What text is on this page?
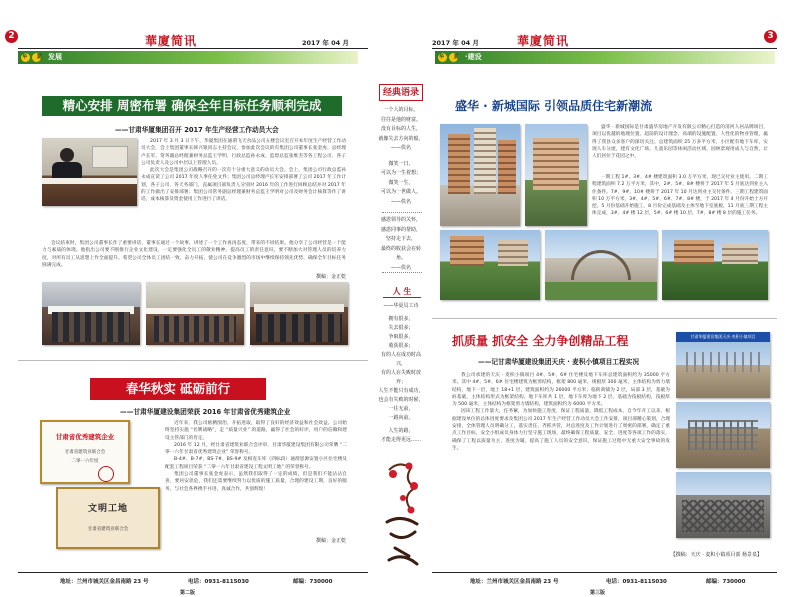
2	華廈简讯	2017 年 04 月
华 夏 发展
精心安排 周密布署 确保全年目标任务顺利完成
——甘肃华厦集团召开 2017 年生产经营工作动员大会

2017 年 3 月 3 日下午，华厦集团在通渭飞天食品公司五楼会议室召开本年度生产经营工作动员大会，会上集团董事长韩兴银同志主持会议，参加此次会议的有集团公司董事长张金虎、总经理卢长军、常务副总经理兼财务总监王学明、行政总监孙永成、监督总监张维杰等各工程公司、各子公司负责人及公司中层以上管理人员。

此次大会是集团公司战略召开的一次有十分重大意义的动员大会。会上，集团公司行政总监孙永成宣读了公司 2017 年度人事任免文件；集团公司总经理卢长军安排部署了公司 2017 年工作计划，各子公司、各天务部门，直属项目部负责人分别对 2016 年的工作进行回顾总结并对 2017 年的工作做出了安排部署；集团公司常务副总经理兼财务总监王学明对公司及财务会计核算等作了讲话，成本核算及资金使用工作进行了讲话。

会议结束时，集团公司董事长作了重要讲话，董事长通过一个故事，讲述了一个工作再再态度，带来的不同结果。他分享了公司经营是一个能力与素质的体现。他指出公司要不断推行企业文化建设，一定要强化全员工的敬业精神，提高员工的责任意识，要不断加大对管理人员的培养力度，对所有员工从思想上作全面提升。希望公司全体员工团结一致，奋力开拓，使公司在竞争激烈的市场中继续保持领先优势，确保全年目标任务圆满完成。

撰稿：金正乾
春华秋实 砥砺前行
——甘肃华厦建设集团荣获 2016 年甘肃省优秀建筑企业
甘肃省优秀建筑企业
甘肃省建筑业联合会
二零一六年度
文明工地
甘肃省建筑业联合会

近年来，我公司励精图治，开拓进取，取得了良好的经济效益和社会效益。公司始终坚持实施 “名牌战略”，走 “质量兴业” 的道路，赢得了社会的好评，用户的信赖和建设主管部门的肯定。

2016 年 12 月，经甘肃省建筑业联合会评审，甘肃华厦建设集团有限公司荣膺 “二零一六年甘肃省优秀建筑企业” 荣誉称号。

B-4#、B-7#、BS-7#、BS-9# 及相连车库（四标段）通渭恩源安置小区住宅楼及配套工程项目荣获 “二零一六年甘肃省建设工程文明工地” 的荣誉称号。

集团公司董事长张金虎表示，虽然我们取得了一定的成绩，但是我们不能沾沾自喜，要居安思危，我们还需要继续努力以优质的施工质量，合理的建设工期，良好的服务，与社会各界携手并进，真诚合作，共创辉煌！

撰稿：金正乾
地址：兰州市城关区金昌南路 23 号	电话：0931-8115030	邮编：730000
第二版
经典语录
一个人的目标，
往往是他的财富。
没有目标的人生，
就像失去方向的船。
——佚名
微笑一日，
可以为一生着想；
微笑一生，
可以为一世做人。
——佚名
感恩领导的关怀，
感恩同事的帮助，
坚持走下去，
最终的收获会在转角。
——佚名
人 生
——华夏员工诗
拥有很多，
失去很多；
争取很多，
收获很多；
有的人在成功时高兴，
有的人在失败时放弃；
人生不能只有成功，
也会有失败的时候，
一往无前，
一路向前。
人生的路，
才能走得更远……
2017 年 04 月	華廈简讯	3
华 夏 ·建设
盛华 · 新城国际 引领品质住宅新潮流

盛华 · 新城国际是甘肃盛华房地产开发有限公司精心打造的清河人居品牌项目，项目以优越的地理位置、超前的设计理念、高端的设施配置、人性化的物业管理，赢得了我县众多客户的深切关注。总建筑面积 25 万多平方米，小区配有地下车库，实现人车分流，建有文化广场、儿童乐园等休闲活动区域，园林景观用成人与自然，让人们居住于花园之中。

一期工程 1#、3#、4# 楼建筑面积 3.0 万平方米，现已交付业主使用。二期工程建筑面积 7.2 万平方米，其中，2#、5#、8# 楼将于 2017 年 5 月底达到业主入住条件。7#、9#、10# 楼将于 2017 年 10 月达到业主交付条件。三期工程建筑面积 10 万平方米，3#、4#、5#、6#、7#、8# 楼，于 2017 年 4 月份开始土方开挖。5 月份基础开始施工，8 月份完成基础及主体至地下室底板，11 月底三期工程主体完成，3#、4# 楼 12 层，5#、6# 楼 10 层，7#、8# 楼 8 层的施工任务。

抓质量 抓安全 全力争创精品工程
——记甘肃华厦建设集团天庆 · 麦积小镇项目工程实况

我公司承建的天庆 · 麦积小镇项目 4#、5#、6# 住宅楼及地下车库总建筑面积约为 35000 平方米。其中 4#、5#、6# 住宅楼建筑为框剪结构，框架 800 毫米，规板厚 300 毫米，主体结构为剪力墙结构，地下一层，地上 18+1 层，建筑面积约为 26000 平方米；临街商铺为 2 层，局部 3 层，基础为桩基础，主体结构形式为框架结构。地下车库共 1 层，地下车库为地下 2 层，基础为筏板结构，筏板厚为 500 毫米，主体结构为框架剪力墙结构，建筑面积约为 6000 平方米。

因该工程工作量大，任务紧，为加快施工进度，保证工程质量，降低工程成本，自今年开工以来，根据建设单位的总体进度要求及集团公司 2017 年生产经营工作动员大会工作安排，项目部精心策划，合理安排，全体管理人员明确分工，落实责任，齐抓共管，对总进度及工作计划进行了周密的部署，确定了重点工作目标，安全小组成员身体力行坚守施工现场，最终确保工程质量、安全、进度等各项工作的落实，确保了工程以质量为主、进度为辅，提高了施工人员的安全意识，保证施工过程中无重大安全事故的发生。

【撰稿：天庆 · 麦积小镇项目部 杨景泉】
甘肃华厦建设集团天庆·麦积小镇项目
地址：兰州市城关区金昌南路 23 号	电话：0931-8115030	邮编：730000
第三版
